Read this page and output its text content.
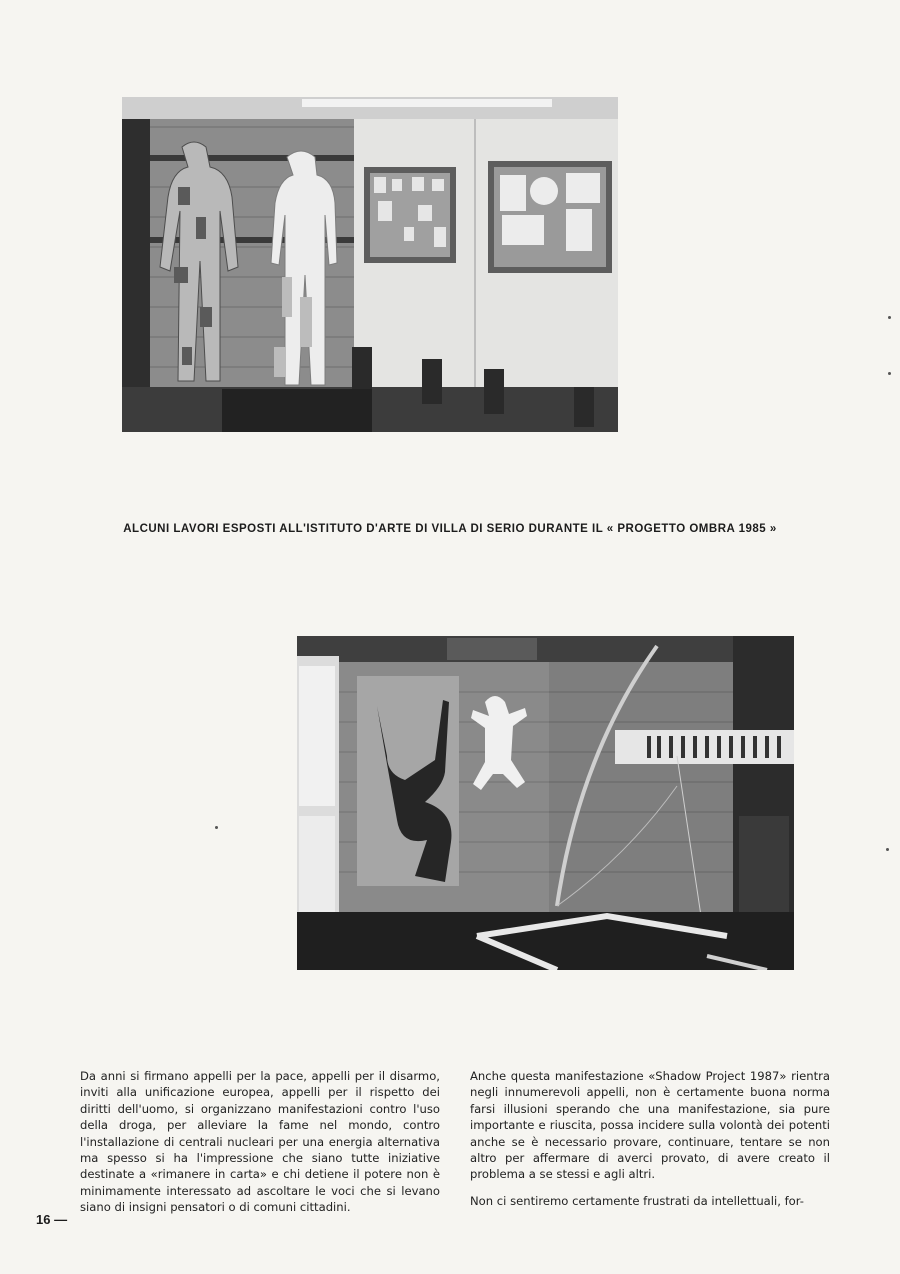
ALCUNI LAVORI ESPOSTI ALL'ISTITUTO D'ARTE DI VILLA DI SERIO DURANTE IL « PROGETTO OMBRA 1985 »

Da anni si firmano appelli per la pace, appelli per il disarmo, inviti alla unificazione europea, appelli per il rispetto dei diritti dell'uomo, si organizzano manifestazioni contro l'uso della droga, per alleviare la fame nel mondo, contro l'installazione di centrali nucleari per una energia alternativa ma spesso si ha l'impressione che siano tutte iniziative destinate a «rimanere in carta» e chi detiene il potere non è minimamente interessato ad ascoltare le voci che si levano siano di insigni pensatori o di comuni cittadini.

Anche questa manifestazione «Shadow Project 1987» rientra negli innumerevoli appelli, non è certamente buona norma farsi illusioni sperando che una manifestazione, sia pure importante e riuscita, possa incidere sulla volontà dei potenti anche se è necessario provare, continuare, tentare se non altro per affermare di averci provato, di avere creato il problema a se stessi e agli altri.

Non ci sentiremo certamente frustrati da intellettuali, for-

16 —
